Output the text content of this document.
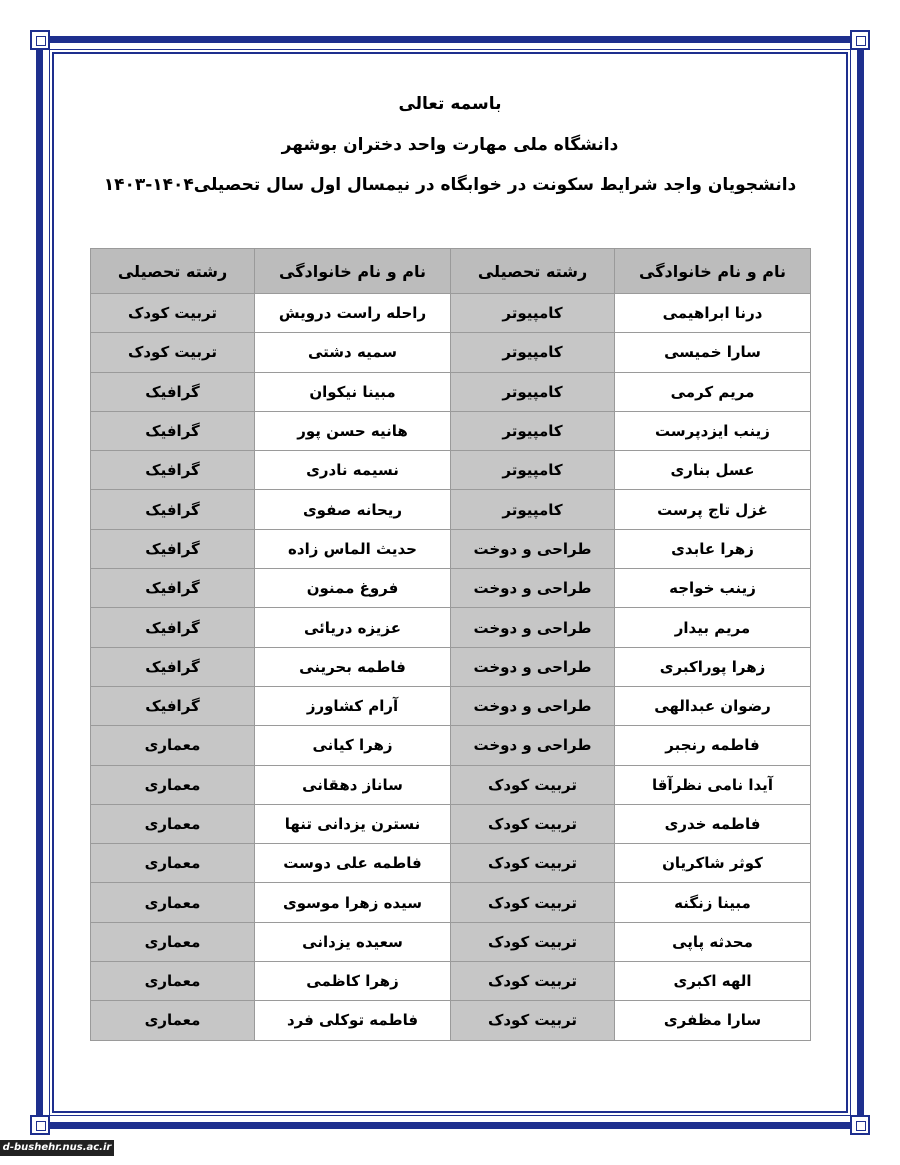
باسمه تعالی
دانشگاه ملی مهارت واحد دختران بوشهر
دانشجویان واجد شرایط سکونت در خوابگاه در نیمسال اول سال تحصیلی۱۴۰۴-۱۴۰۳
نام و نام خانوادگی	رشته تحصیلی	نام و نام خانوادگی	رشته تحصیلی
درنا ابراهیمی	کامپیوتر	راحله راست درویش	تربیت کودک
سارا خمیسی	کامپیوتر	سمیه دشتی	تربیت کودک
مریم کرمی	کامپیوتر	مبینا نیکوان	گرافیک
زینب ایزدپرست	کامپیوتر	هانیه حسن پور	گرافیک
عسل بناری	کامپیوتر	نسیمه نادری	گرافیک
غزل تاج پرست	کامپیوتر	ریحانه صفوی	گرافیک
زهرا عابدی	طراحی و دوخت	حدیث الماس زاده	گرافیک
زینب خواجه	طراحی و دوخت	فروغ ممنون	گرافیک
مریم بیدار	طراحی و دوخت	عزیزه دریائی	گرافیک
زهرا پوراکبری	طراحی و دوخت	فاطمه بحرینی	گرافیک
رضوان عبدالهی	طراحی و دوخت	آرام کشاورز	گرافیک
فاطمه رنجبر	طراحی و دوخت	زهرا کیانی	معماری
آیدا نامی نظرآقا	تربیت کودک	ساناز دهقانی	معماری
فاطمه خدری	تربیت کودک	نسترن یزدانی تنها	معماری
کوثر شاکریان	تربیت کودک	فاطمه علی دوست	معماری
مبینا زنگنه	تربیت کودک	سیده زهرا موسوی	معماری
محدثه پاپی	تربیت کودک	سعیده یزدانی	معماری
الهه اکبری	تربیت کودک	زهرا کاظمی	معماری
سارا مظفری	تربیت کودک	فاطمه توکلی فرد	معماری
d-bushehr.nus.ac.ir
